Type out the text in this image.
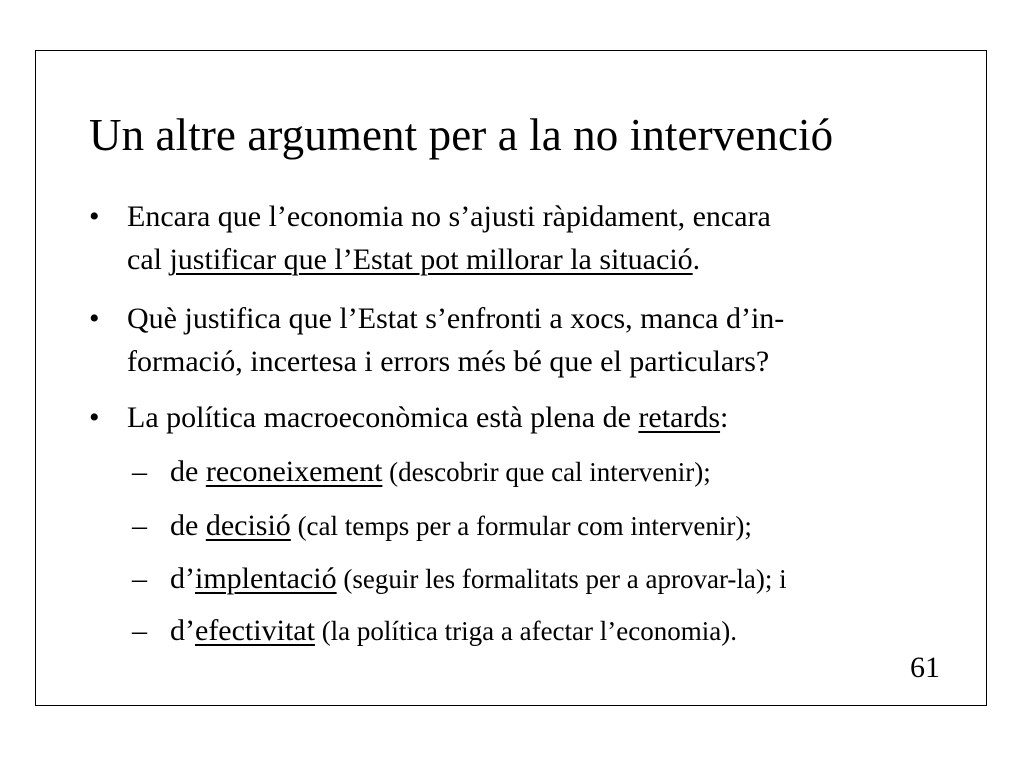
Un altre argument per a la no intervenció
• Encara que l’economia no s’ajusti ràpidament, encara
cal justificar que l’Estat pot millorar la situació.
• Què justifica que l’Estat s’enfronti a xocs, manca d’in-
formació, incertesa i errors més bé que el particulars?
• La política macroeconòmica està plena de retards:
– de reconeixement (descobrir que cal intervenir);
– de decisió (cal temps per a formular com intervenir);
– d’implentació (seguir les formalitats per a aprovar-la); i
– d’efectivitat (la política triga a afectar l’economia).
61
